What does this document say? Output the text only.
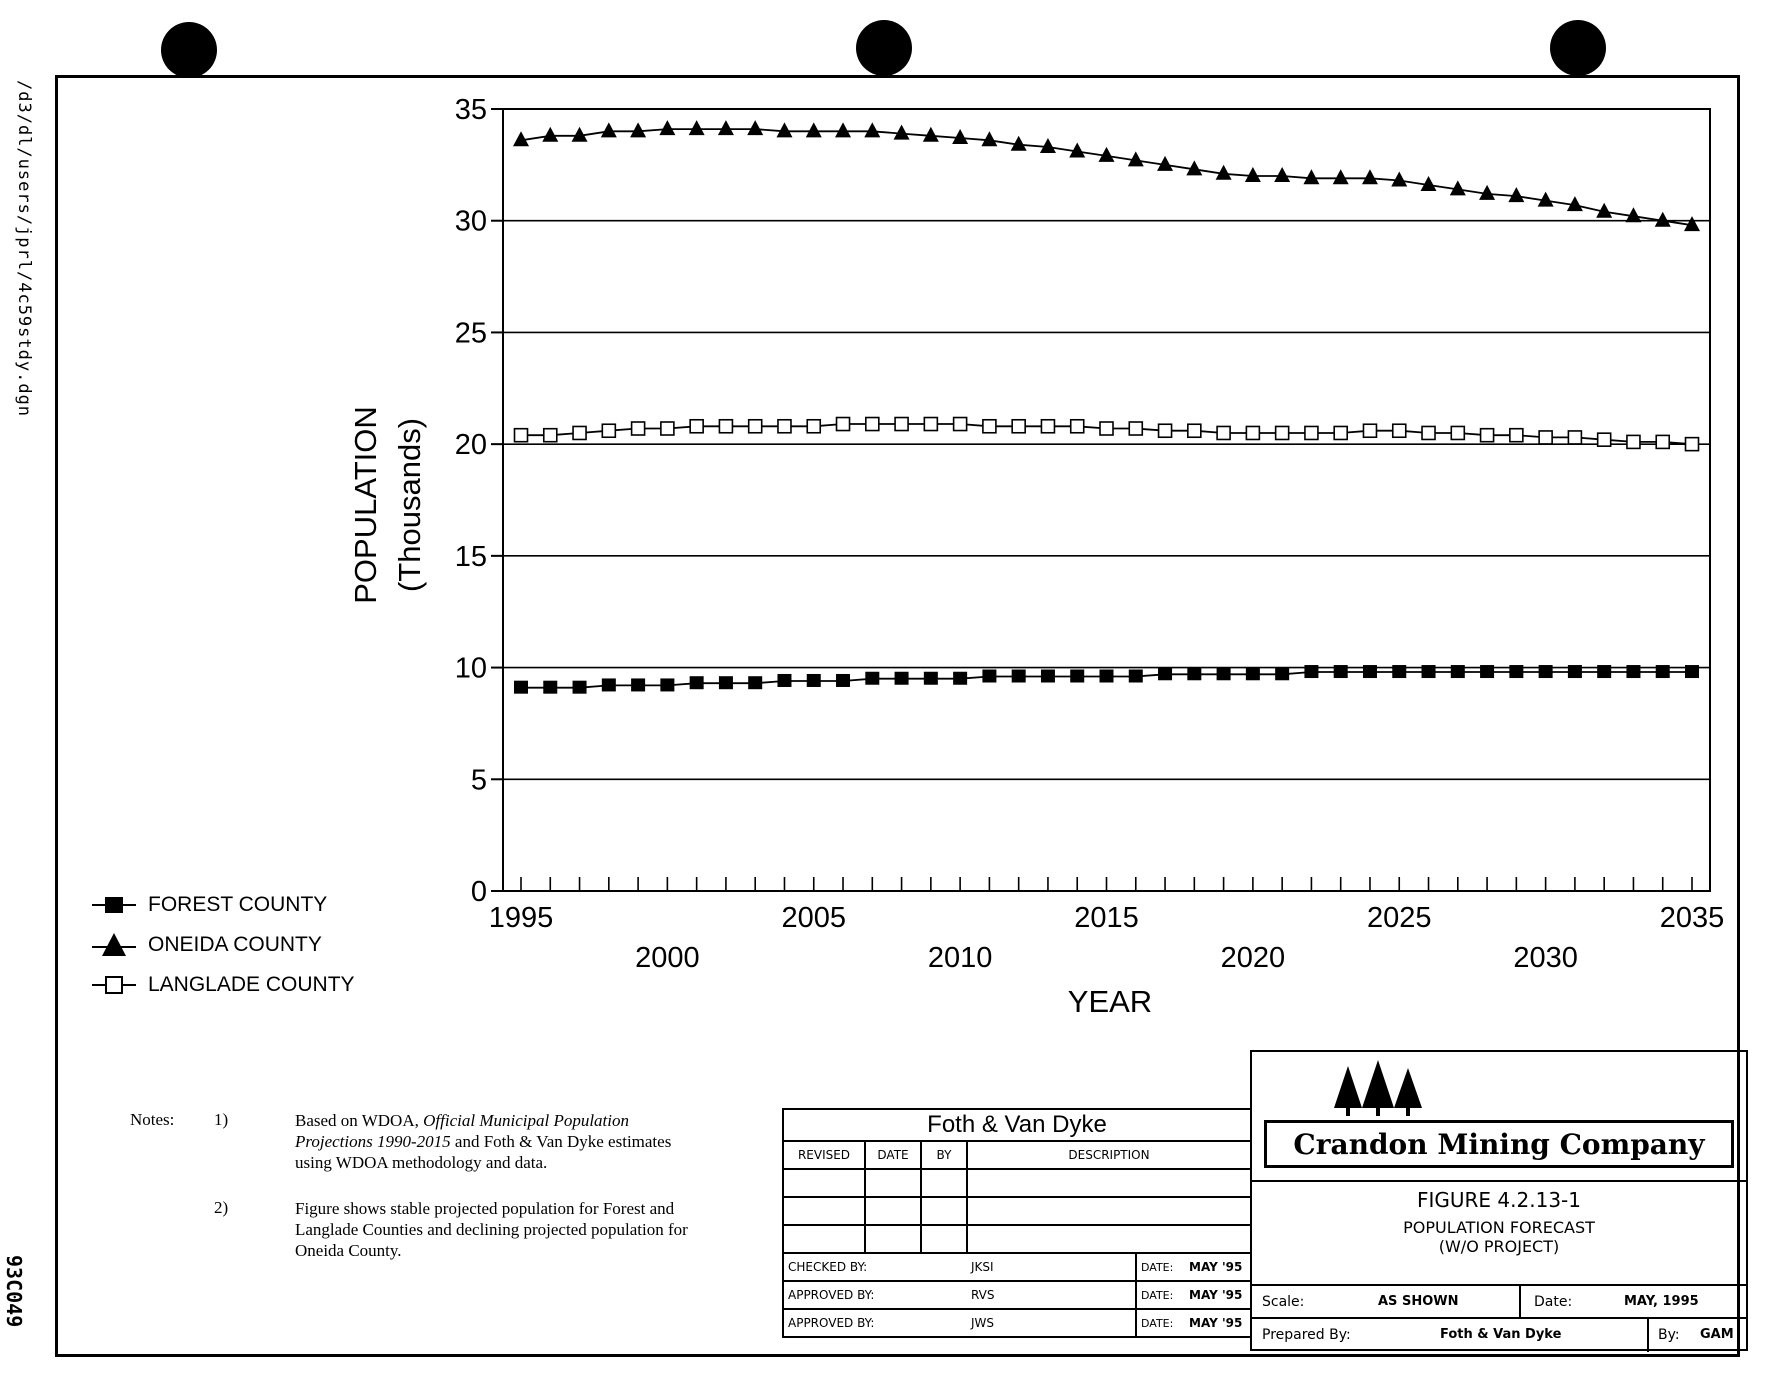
/d3/dl/users/jprl/4c59stdy.dgn
93C049
0
5
10
15
20
25
30
35
1995	2005	2015	2025	2035
2000	2010	2020	2030
POPULATION (Thousands)
YEAR
FOREST COUNTY
ONEIDA COUNTY
LANGLADE COUNTY
Notes: 1)	Based on WDOA, Official Municipal Population Projections 1990-2015 and Foth & Van Dyke estimates using WDOA methodology and data.
2)	Figure shows stable projected population for Forest and Langlade Counties and declining projected population for Oneida County.
Foth & Van Dyke					
REVISED	DATE	BY	DESCRIPTION		

CHECKED BY:			JKSI	DATE:	MAY '95
APPROVED BY:			RVS	DATE:	MAY '95
APPROVED BY:			JWS	DATE:	MAY '95
Crandon Mining Company
FIGURE 4.2.13-1
POPULATION FORECAST
(W/O PROJECT)
Scale:	AS SHOWN	Date:	MAY, 1995
Prepared By:	Foth & Van Dyke	By: GAM
